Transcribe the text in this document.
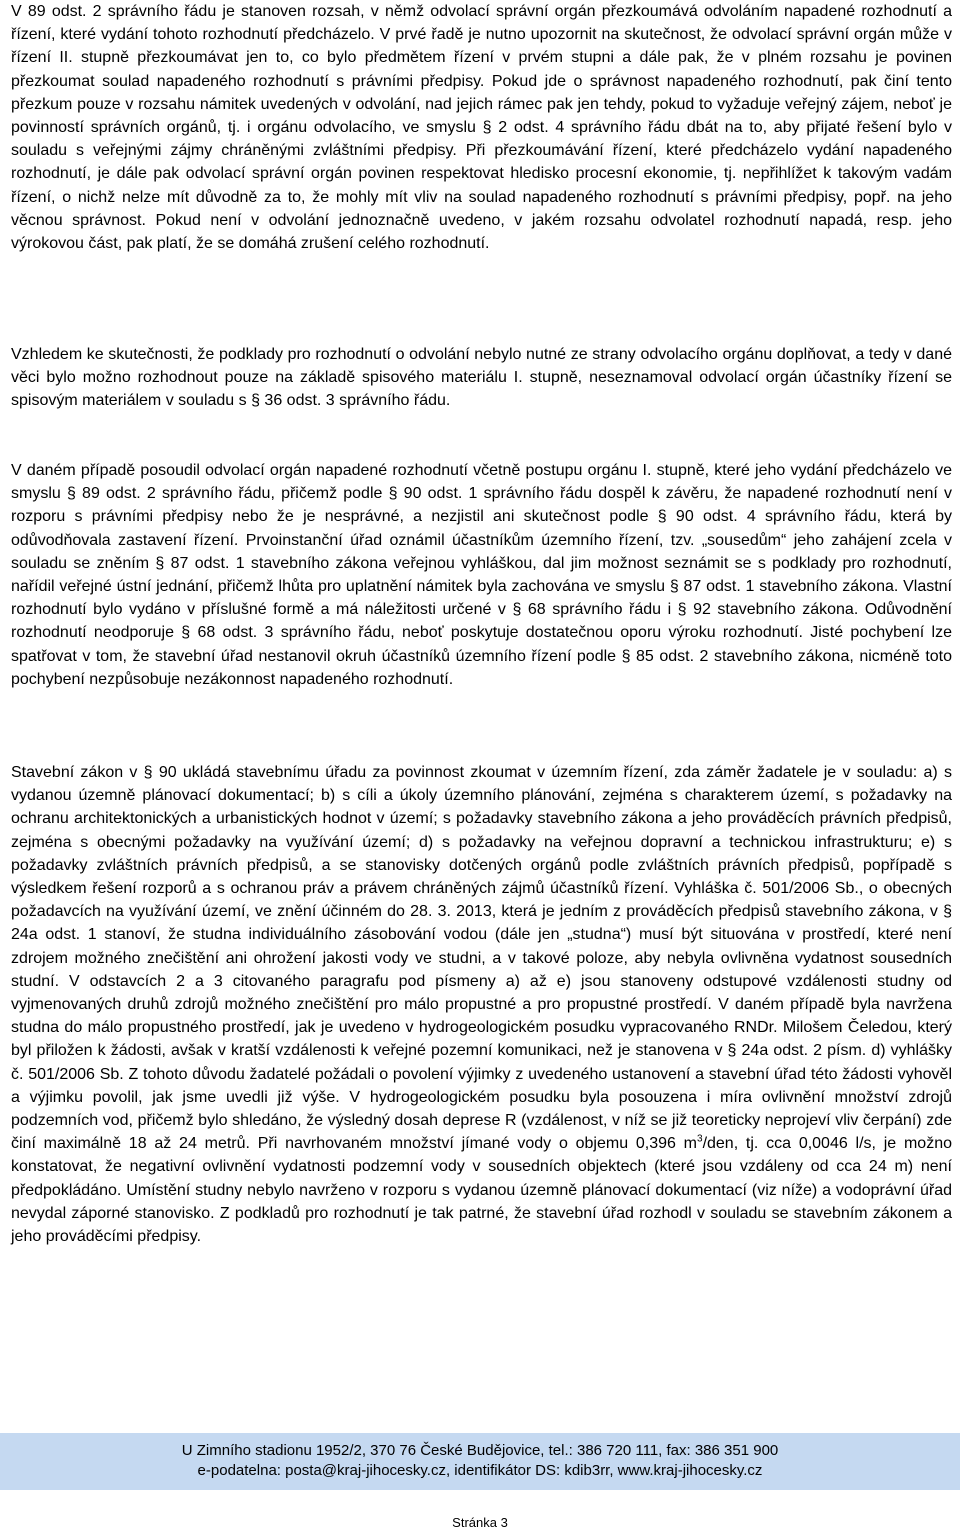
V 89 odst. 2 správního řádu je stanoven rozsah, v němž odvolací správní orgán přezkoumává odvoláním napadené rozhodnutí a řízení, které vydání tohoto rozhodnutí předcházelo. V prvé řadě je nutno upozornit na skutečnost, že odvolací správní orgán může v řízení II. stupně přezkoumávat jen to, co bylo předmětem řízení v prvém stupni a dále pak, že v plném rozsahu je povinen přezkoumat soulad napadeného rozhodnutí s právními předpisy. Pokud jde o správnost napadeného rozhodnutí, pak činí tento přezkum pouze v rozsahu námitek uvedených v odvolání, nad jejich rámec pak jen tehdy, pokud to vyžaduje veřejný zájem, neboť je povinností správních orgánů, tj. i orgánu odvolacího, ve smyslu § 2 odst. 4 správního řádu dbát na to, aby přijaté řešení bylo v souladu s veřejnými zájmy chráněnými zvláštními předpisy. Při přezkoumávání řízení, které předcházelo vydání napadeného rozhodnutí, je dále pak odvolací správní orgán povinen respektovat hledisko procesní ekonomie, tj. nepřihlížet k takovým vadám řízení, o nichž nelze mít důvodně za to, že mohly mít vliv na soulad napadeného rozhodnutí s právními předpisy, popř. na jeho věcnou správnost. Pokud není v odvolání jednoznačně uvedeno, v jakém rozsahu odvolatel rozhodnutí napadá, resp. jeho výrokovou část, pak platí, že se domáhá zrušení celého rozhodnutí.

Vzhledem ke skutečnosti, že podklady pro rozhodnutí o odvolání nebylo nutné ze strany odvolacího orgánu doplňovat, a tedy v dané věci bylo možno rozhodnout pouze na základě spisového materiálu I. stupně, neseznamoval odvolací orgán účastníky řízení se spisovým materiálem v souladu s § 36 odst. 3 správního řádu.

V daném případě posoudil odvolací orgán napadené rozhodnutí včetně postupu orgánu I. stupně, které jeho vydání předcházelo ve smyslu § 89 odst. 2 správního řádu, přičemž podle § 90 odst. 1 správního řádu dospěl k závěru, že napadené rozhodnutí není v rozporu s právními předpisy nebo že je nesprávné, a nezjistil ani skutečnost podle § 90 odst. 4 správního řádu, která by odůvodňovala zastavení řízení. Prvoinstanční úřad oznámil účastníkům územního řízení, tzv. „sousedům“ jeho zahájení zcela v souladu se zněním § 87 odst. 1 stavebního zákona veřejnou vyhláškou, dal jim možnost seznámit se s podklady pro rozhodnutí, nařídil veřejné ústní jednání, přičemž lhůta pro uplatnění námitek byla zachována ve smyslu § 87 odst. 1 stavebního zákona. Vlastní rozhodnutí bylo vydáno v příslušné formě a má náležitosti určené v § 68 správního řádu i § 92 stavebního zákona. Odůvodnění rozhodnutí neodporuje § 68 odst. 3 správního řádu, neboť poskytuje dostatečnou oporu výroku rozhodnutí. Jisté pochybení lze spatřovat v tom, že stavební úřad nestanovil okruh účastníků územního řízení podle § 85 odst. 2 stavebního zákona, nicméně toto pochybení nezpůsobuje nezákonnost napadeného rozhodnutí.

Stavební zákon v § 90 ukládá stavebnímu úřadu za povinnost zkoumat v územním řízení, zda záměr žadatele je v souladu: a) s vydanou územně plánovací dokumentací; b) s cíli a úkoly územního plánování, zejména s charakterem území, s požadavky na ochranu architektonických a urbanistických hodnot v území; s požadavky stavebního zákona a jeho prováděcích právních předpisů, zejména s obecnými požadavky na využívání území; d) s požadavky na veřejnou dopravní a technickou infrastrukturu; e) s požadavky zvláštních právních předpisů, a se stanovisky dotčených orgánů podle zvláštních právních předpisů, popřípadě s výsledkem řešení rozporů a s ochranou práv a právem chráněných zájmů účastníků řízení. Vyhláška č. 501/2006 Sb., o obecných požadavcích na využívání území, ve znění účinném do 28. 3. 2013, která je jedním z prováděcích předpisů stavebního zákona, v § 24a odst. 1 stanoví, že studna individuálního zásobování vodou (dále jen „studna“) musí být situována v prostředí, které není zdrojem možného znečištění ani ohrožení jakosti vody ve studni, a v takové poloze, aby nebyla ovlivněna vydatnost sousedních studní. V odstavcích 2 a 3 citovaného paragrafu pod písmeny a) až e) jsou stanoveny odstupové vzdálenosti studny od vyjmenovaných druhů zdrojů možného znečištění pro málo propustné a pro propustné prostředí. V daném případě byla navržena studna do málo propustného prostředí, jak je uvedeno v hydrogeologickém posudku vypracovaného RNDr. Milošem Čeledou, který byl přiložen k žádosti, avšak v kratší vzdálenosti k veřejné pozemní komunikaci, než je stanovena v § 24a odst. 2 písm. d) vyhlášky č. 501/2006 Sb. Z tohoto důvodu žadatelé požádali o povolení výjimky z uvedeného ustanovení a stavební úřad této žádosti vyhověl a výjimku povolil, jak jsme uvedli již výše. V hydrogeologickém posudku byla posouzena i míra ovlivnění množství zdrojů podzemních vod, přičemž bylo shledáno, že výsledný dosah deprese R (vzdálenost, v níž se již teoreticky neprojeví vliv čerpání) zde činí maximálně 18 až 24 metrů. Při navrhovaném množství jímané vody o objemu 0,396 $m^3$/den, tj. cca 0,0046 l/s, je možno konstatovat, že negativní ovlivnění vydatnosti podzemní vody v sousedních objektech (které jsou vzdáleny od cca 24 m) není předpokládáno. Umístění studny nebylo navrženo v rozporu s vydanou územně plánovací dokumentací (viz níže) a vodoprávní úřad nevydal záporné stanovisko. Z podkladů pro rozhodnutí je tak patrné, že stavební úřad rozhodl v souladu se stavebním zákonem a jeho prováděcími předpisy.

U Zimního stadionu 1952/2, 370 76 České Budějovice, tel.: 386 720 111, fax: 386 351 900
e-podatelna: posta@kraj-jihocesky.cz, identifikátor DS: kdib3rr, www.kraj-jihocesky.cz
Stránka 3
